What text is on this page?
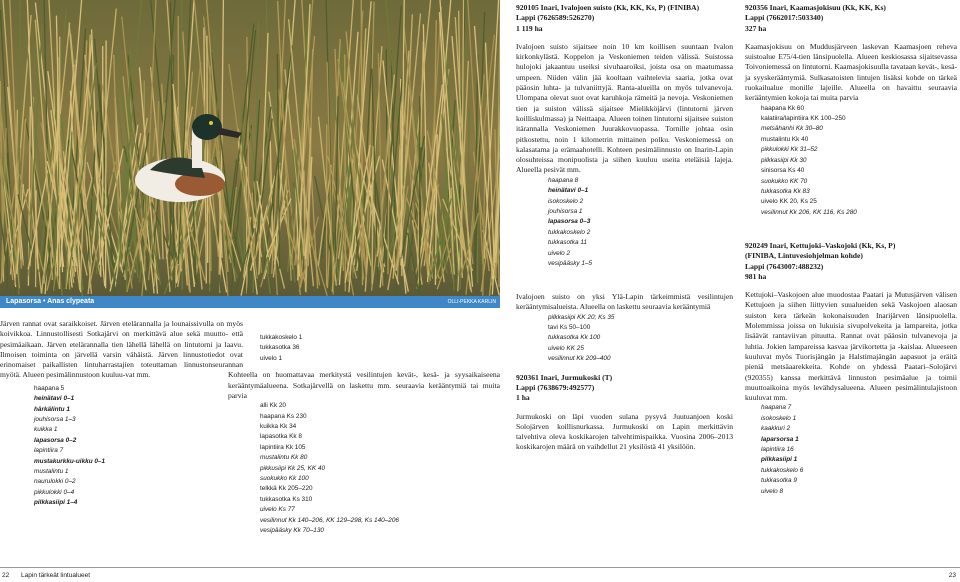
Lapasorsa • Anas clypeata	OLLI-PEKKA KARLIN

Järven rannat ovat saraikkoiset. Järven etelärannalla ja lounaissivulla on myös koivikkoa. Linnustollisesti Sotkajärvi on merkittävä alue sekä muutto- että pesimäaikaan. Järven etelärannalla tien lähellä lähellä on lintutorni ja laavu. Ilmoisen toiminta on järvellä varsin vähäistä. Järven linnustotiedot ovat erinomaiset paikallisten lintuharrastajien toteuttaman linnustonseurannan myötä. Alueen pesimälinnustoon kuuluu-vat mm.

haapana 5
heinätavi 0–1
härkälintu 1
jouhisorsa 1–3
kuikka 1
lapasorsa 0–2
lapintiira 7
mustakurkku-uikku 0–1
mustalintu 1
naurulokki 0–2
pikkulokki 0–4
pilkkasiipi 1–4
tukkakoskelo 1
tukkasotka 36
uivelo 1

Kohteella on huomattavaa merkitystä vesilintujen kevät-, kesä- ja syysaikaiseena kerääntymäalueena. Sotkajärvellä on laskettu mm. seuraavia kerääntymiä tai muita parvia

alli Kk 20
haapana Ks 230
kuikka Kk 34
lapasotka Kk 8
lapintiira Kk 105
mustalintu Kk 80
pikkusiipi Kk 25, KK 40
suokukko Kk 100
telkkä Kk 205–220
tukkasotka Ks 310
uivelo Ks 77
vesilinnut Kk 140–206, KK 129–298, Ks 140–206
vesipääsky Kk 70–130

920105 Inari, Ivalojoen suisto (Kk, KK, Ks, P) (FINIBA)

Lappi (7626589:526270)

1 119 ha

Ivalojoen suisto sijaitsee noin 10 km koillisen suuntaan Ivalon kirkonkylästä. Koppelon ja Veskoniemen teiden välissä. Suistossa hulojoki jakaantuu useiksi sivuhaaroiksi, joista osa on maatumassa umpeen. Niiden välin jää kooltaan vaihtelevia saaria, jotka ovat pääosin luhta- ja tulvaniittyjä. Ranta-alueilla on myös tulvanevoja. Ulompana olevat suot ovat karuhkoja rämeitä ja nevoja. Veskoniemen tien ja suiston välissä sijaitsee Mielikköjärvi (lintutorni järven koilliskulmassa) ja Neittaapa. Alueen toinen lintutorni sijaitsee suiston itärannalla Veskoniemen Juurakkovuopassa. Tornille johtaa osin pitkostettu, noin 1 kilometrin mittainen polku. Veskoniemessä on kalasatama ja erämaahotelli. Kohteen pesimälinnusto on Inarin-Lapin olosuhteissa monipuolista ja siihen kuuluu useita eteläisiä lajeja. Alueella pesivät mm.

haapana 8
heinätavi 0–1
isokoskelo 2
jouhisorsa 1
lapasorsa 0–3
tukkakoskelo 2
tukkasotka 11
uivelo 2
vesipääsky 1–5

Ivalojoen suisto on yksi Ylä-Lapin tärkeimmistä vesilintujen kerääntymisalueista. Alueella on laskettu seuraavia kerääntymiä

pilkkasiipi KK 20; Ks 35
tavi Ks 50–100
tukkasotka Kk 100
uivelo KK 25
vesilinnut Kk 209–400

920361 Inari, Jurmukoski (T)

Lappi (7638679:492577)

1 ha

Jurmukoski on läpi vuoden sulana pysyvä Juutuanjoen koski Solojärven koillisnurkassa. Jurmukoski on Lapin merkittävin talvehtiva oleva koskikarojen talvehtimispaikka. Vuosina 2006–2013 koskikarojen määrä on vaihdellut 21 yksilöstä 41 yksilöön.

920356 Inari, Kaamasjokisuu (Kk, KK, Ks)

Lappi (7662017:503340)

327 ha

Kaamasjokisuu on Muddusjärveen laskevan Kaamasjoen reheva suistoalue E75/4-tien länsipuolella. Alueen keskiosassa sijaitsevassa Toivoniemessä on lintutorni. Kaamasjokisuulla tavataan kevät-, kesä- ja syyskerääntymiä. Sulkasatoisten lintujen lisäksi kohde on tärkeä ruokailualue monille lajeille. Alueella on havaittu seuraavia kerääntymien kokoja tai muita parvia

haapana Kk 60
kalatiira/lapintiira KK 100–250
metsähanhi Kk 30–80
mustalintu Kk 40
pikkulokki Kk 31–52
pilkkasiipi Kk 30
sinisorsa Ks 40
suokukko KK 70
tukkasotka Kk 83
uivelo KK 20, Ks 25
vesilinnut Kk 206, KK 116, Ks 280

920249 Inari, Kettujoki–Vaskojoki (Kk, Ks, P)

(FINIBA, Lintuvesiohjelman kohde)

Lappi (7643007:488232)

981 ha

Kettujoki–Vaskojoen alue muodostaa Paatari ja Mutusjärven välisen Kettujoen ja siihen liittyvien suualueiden sekä Vaskojoen alaosan suiston kera tärkeän kokonaisuuden Inarijärven länsipuolella. Molemmissa joissa on lukuisia sivupolvekeita ja lampareita, jotka lisäävät rantaviivan pituutta. Rannat ovat pääosin tulvanevoja ja luhtia. Jokien lampareissa kasvaa järvikortetta ja -kaislaa. Alueeseen kuuluvat myös Tuorisjängän ja Halstimajängän aapasuot ja eräitä pieniä metsäaarekkeita. Kohde on yhdessä Paatari–Solojärvi (920355) kanssa merkittävä linnuston pesimäalue ja toimii muuttoaikoina myös levähdysalueena. Alueen pesimälintulajistoon kuuluvat mm.

haapana 7
isokoskelo 1
kaakkuri 2
laparsorsa 1
lapintiira 16
pilkkasiipi 1
tukkakoskelo 6
tukkasotka 9
uivelo 8
22 Lapin tärkeät lintualueet	23
